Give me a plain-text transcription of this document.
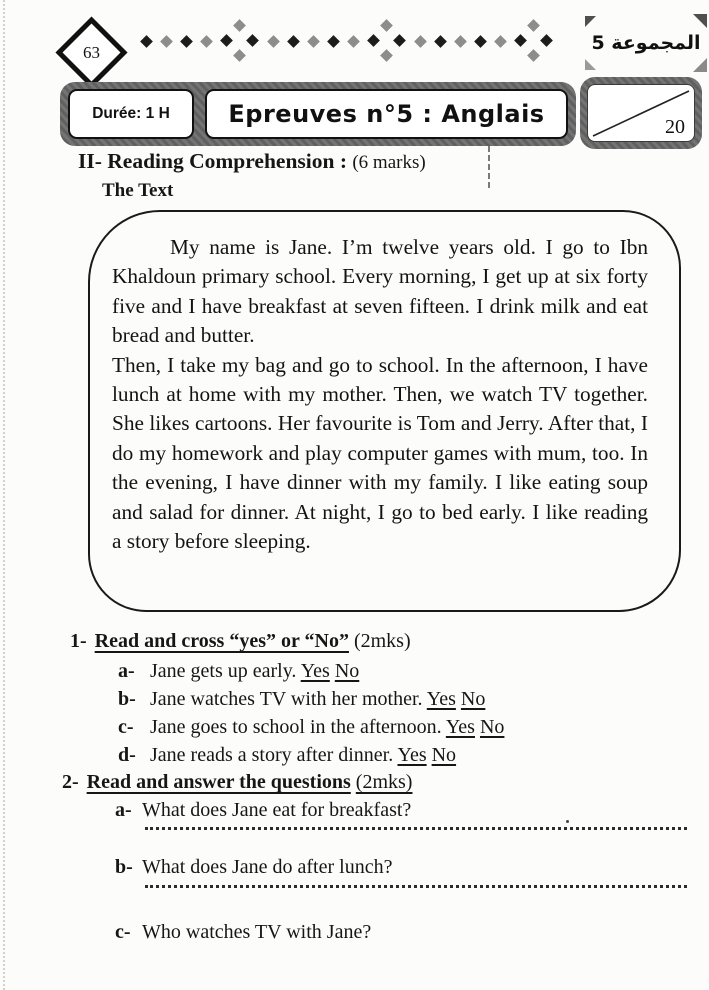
63	المجموعة 5
Durée: 1 H	Epreuves n°5 : Anglais	20
II- Reading Comprehension : (6 marks)
The Text

My name is Jane. I’m twelve years old. I go to Ibn Khaldoun primary school. Every morning, I get up at six forty five and I have breakfast at seven fifteen. I drink milk and eat bread and butter.

Then, I take my bag and go to school. In the afternoon, I have lunch at home with my mother. Then, we watch TV together. She likes cartoons. Her favourite is Tom and Jerry. After that, I do my homework and play computer games with mum, too. In the evening, I have dinner with my family. I like eating soup and salad for dinner. At night, I go to bed early. I like reading a story before sleeping.

1- Read and cross “yes” or “No” (2mks)
a- Jane gets up early. Yes No
b- Jane watches TV with her mother. Yes No
c- Jane goes to school in the afternoon. Yes No
d- Jane reads a story after dinner. Yes No
2- Read and answer the questions (2mks)
a- What does Jane eat for breakfast?
b- What does Jane do after lunch?
c- Who watches TV with Jane?
